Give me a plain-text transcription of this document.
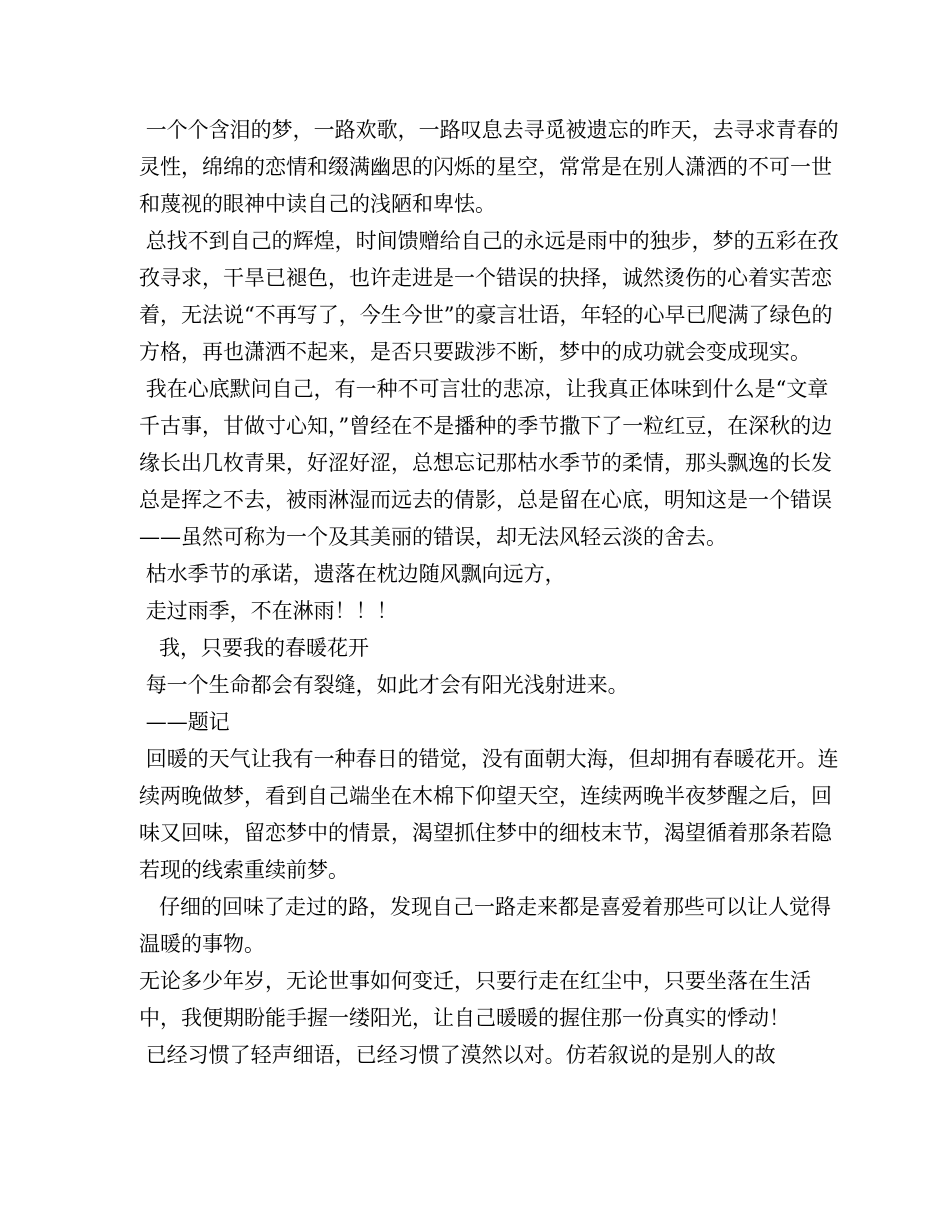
一个个含泪的梦，一路欢歌，一路叹息去寻觅被遗忘的昨天，去寻求青春的灵性，绵绵的恋情和缀满幽思的闪烁的星空，常常是在别人潇洒的不可一世和蔑视的眼神中读自己的浅陋和卑怯。

总找不到自己的辉煌，时间馈赠给自己的永远是雨中的独步，梦的五彩在孜孜寻求，干旱已褪色，也许走进是一个错误的抉择，诚然烫伤的心着实苦恋着，无法说“不再写了，今生今世”的豪言壮语，年轻的心早已爬满了绿色的方格，再也潇洒不起来，是否只要跋涉不断，梦中的成功就会变成现实。

我在心底默问自己，有一种不可言壮的悲凉，让我真正体味到什么是“文章千古事，甘做寸心知，”曾经在不是播种的季节撒下了一粒红豆，在深秋的边缘长出几枚青果，好涩好涩，总想忘记那枯水季节的柔情，那头飘逸的长发总是挥之不去，被雨淋湿而远去的倩影，总是留在心底，明知这是一个错误——虽然可称为一个及其美丽的错误，却无法风轻云淡的舍去。

枯水季节的承诺，遗落在枕边随风飘向远方，

走过雨季，不在淋雨！！！

我，只要我的春暖花开

每一个生命都会有裂缝，如此才会有阳光浅射进来。

——题记

回暖的天气让我有一种春日的错觉，没有面朝大海，但却拥有春暖花开。连续两晚做梦，看到自己端坐在木棉下仰望天空，连续两晚半夜梦醒之后，回味又回味，留恋梦中的情景，渴望抓住梦中的细枝末节，渴望循着那条若隐若现的线索重续前梦。

仔细的回味了走过的路，发现自己一路走来都是喜爱着那些可以让人觉得温暖的事物。

无论多少年岁，无论世事如何变迁，只要行走在红尘中，只要坐落在生活中，我便期盼能手握一缕阳光，让自己暖暖的握住那一份真实的悸动！

已经习惯了轻声细语，已经习惯了漠然以对。仿若叙说的是别人的故
